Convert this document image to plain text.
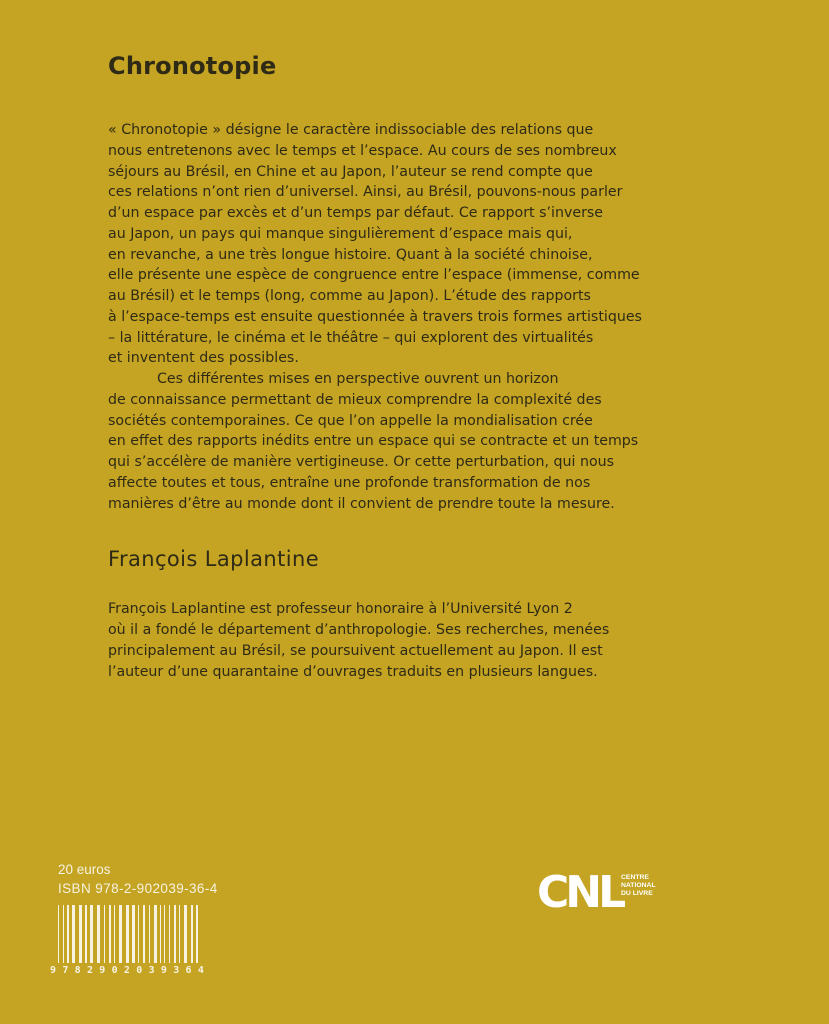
Chronotopie

« Chronotopie » désigne le caractère indissociable des relations que
nous entretenons avec le temps et l’espace. Au cours de ses nombreux
séjours au Brésil, en Chine et au Japon, l’auteur se rend compte que
ces relations n’ont rien d’universel. Ainsi, au Brésil, pouvons-nous parler
d’un espace par excès et d’un temps par défaut. Ce rapport s’inverse
au Japon, un pays qui manque singulièrement d’espace mais qui,
en revanche, a une très longue histoire. Quant à la société chinoise,
elle présente une espèce de congruence entre l’espace (immense, comme
au Brésil) et le temps (long, comme au Japon). L’étude des rapports
à l’espace-temps est ensuite questionnée à travers trois formes artistiques
– la littérature, le cinéma et le théâtre – qui explorent des virtualités
et inventent des possibles.

Ces différentes mises en perspective ouvrent un horizon
de connaissance permettant de mieux comprendre la complexité des
sociétés contemporaines. Ce que l’on appelle la mondialisation crée
en effet des rapports inédits entre un espace qui se contracte et un temps
qui s’accélère de manière vertigineuse. Or cette perturbation, qui nous
affecte toutes et tous, entraîne une profonde transformation de nos
manières d’être au monde dont il convient de prendre toute la mesure.

François Laplantine
François Laplantine est professeur honoraire à l’Université Lyon 2
où il a fondé le département d’anthropologie. Ses recherches, menées
principalement au Brésil, se poursuivent actuellement au Japon. Il est
l’auteur d’une quarantaine d’ouvrages traduits en plusieurs langues.
20 euros
ISBN 978-2-902039-36-4
9782902039364
CNL
CENTRE
NATIONAL
DU LIVRE
